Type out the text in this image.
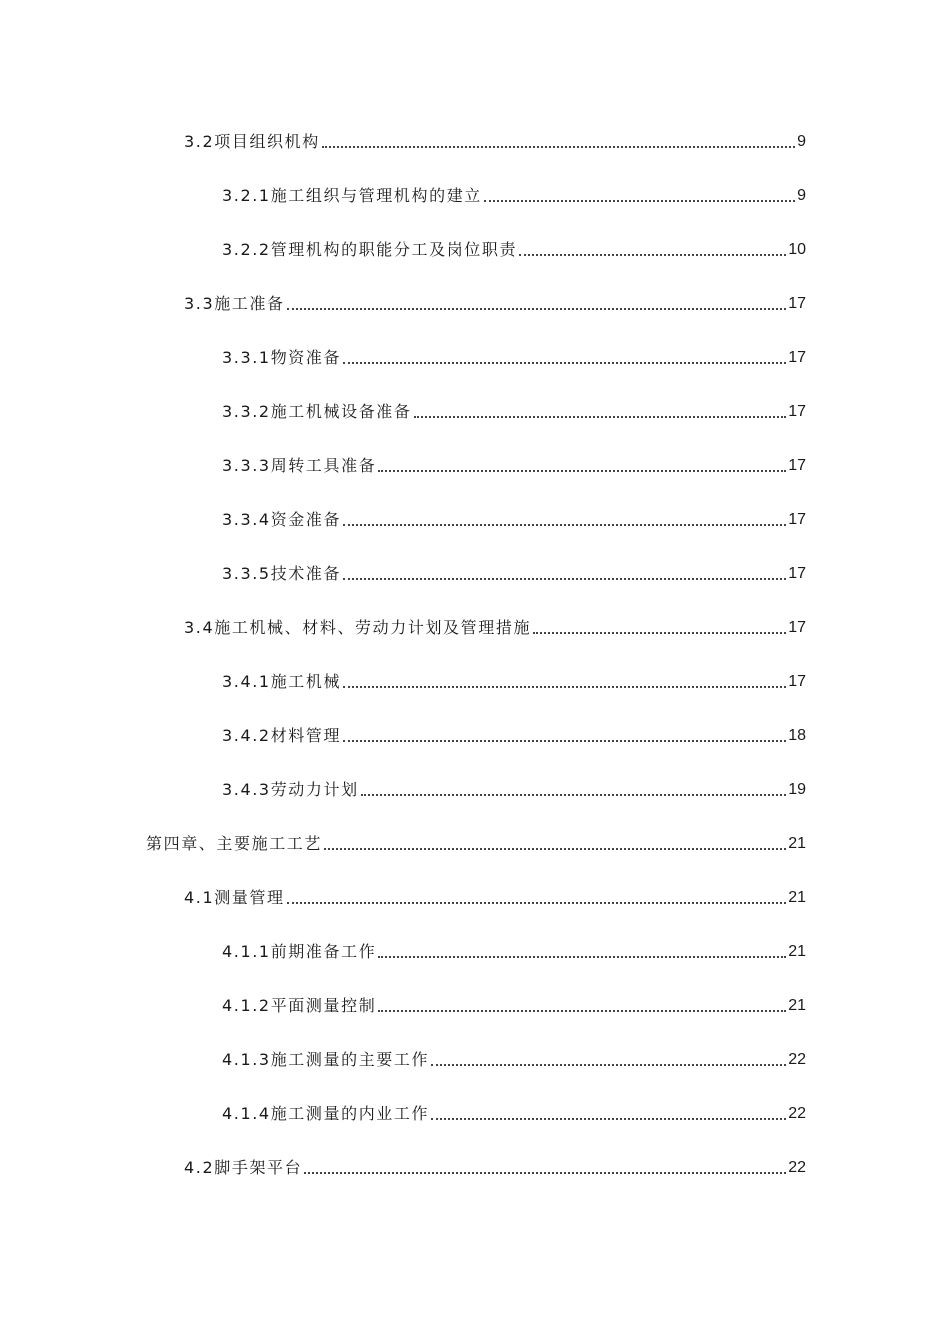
3.2项目组织机构	9
3.2.1施工组织与管理机构的建立	9
3.2.2管理机构的职能分工及岗位职责	10
3.3施工准备	17
3.3.1物资准备	17
3.3.2施工机械设备准备	17
3.3.3周转工具准备	17
3.3.4资金准备	17
3.3.5技术准备	17
3.4施工机械、材料、劳动力计划及管理措施	17
3.4.1施工机械	17
3.4.2材料管理	18
3.4.3劳动力计划	19
第四章、主要施工工艺	21
4.1测量管理	21
4.1.1前期准备工作	21
4.1.2平面测量控制	21
4.1.3施工测量的主要工作	22
4.1.4施工测量的内业工作	22
4.2脚手架平台	22
